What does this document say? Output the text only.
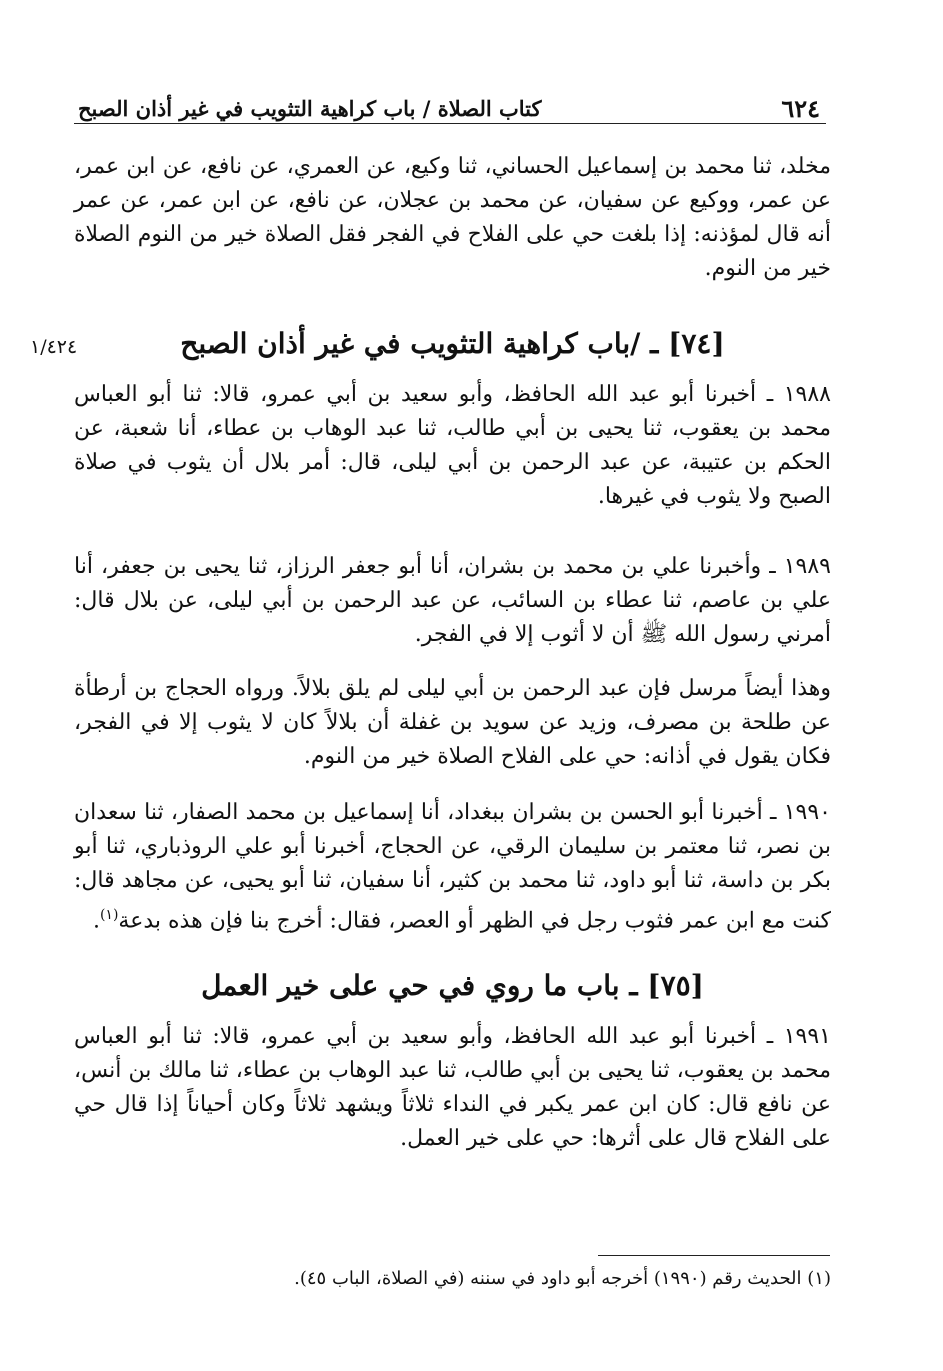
٦٢٤
كتاب الصلاة / باب كراهية التثويب في غير أذان الصبح

مخلد، ثنا محمد بن إسماعيل الحساني، ثنا وكيع، عن العمري، عن نافع، عن ابن عمر، عن عمر، ووكيع عن سفيان، عن محمد بن عجلان، عن نافع، عن ابن عمر، عن عمر أنه قال لمؤذنه: إذا بلغت حي على الفلاح في الفجر فقل الصلاة خير من النوم الصلاة خير من النوم.

١/٤٢٤	[٧٤] ـ /باب كراهية التثويب في غير أذان الصبح

١٩٨٨ ـ أخبرنا أبو عبد الله الحافظ، وأبو سعيد بن أبي عمرو، قالا: ثنا أبو العباس محمد بن يعقوب، ثنا يحيى بن أبي طالب، ثنا عبد الوهاب بن عطاء، أنا شعبة، عن الحكم بن عتيبة، عن عبد الرحمن بن أبي ليلى، قال: أمر بلال أن يثوب في صلاة الصبح ولا يثوب في غيرها.

١٩٨٩ ـ وأخبرنا علي بن محمد بن بشران، أنا أبو جعفر الرزاز، ثنا يحيى بن جعفر، أنا علي بن عاصم، ثنا عطاء بن السائب، عن عبد الرحمن بن أبي ليلى، عن بلال قال: أمرني رسول الله ﷺ أن لا أثوب إلا في الفجر.

وهذا أيضاً مرسل فإن عبد الرحمن بن أبي ليلى لم يلق بلالاً. ورواه الحجاج بن أرطأة عن طلحة بن مصرف، وزيد عن سويد بن غفلة أن بلالاً كان لا يثوب إلا في الفجر، فكان يقول في أذانه: حي على الفلاح الصلاة خير من النوم.

١٩٩٠ ـ أخبرنا أبو الحسن بن بشران ببغداد، أنا إسماعيل بن محمد الصفار، ثنا سعدان بن نصر، ثنا معتمر بن سليمان الرقي، عن الحجاج، أخبرنا أبو علي الروذباري، ثنا أبو بكر بن داسة، ثنا أبو داود، ثنا محمد بن كثير، أنا سفيان، ثنا أبو يحيى، عن مجاهد قال: كنت مع ابن عمر فثوب رجل في الظهر أو العصر، فقال: أخرج بنا فإن هذه بدعة$^{(١)}$.

[٧٥] ـ باب ما روي في حي على خير العمل

١٩٩١ ـ أخبرنا أبو عبد الله الحافظ، وأبو سعيد بن أبي عمرو، قالا: ثنا أبو العباس محمد بن يعقوب، ثنا يحيى بن أبي طالب، ثنا عبد الوهاب بن عطاء، ثنا مالك بن أنس، عن نافع قال: كان ابن عمر يكبر في النداء ثلاثاً ويشهد ثلاثاً وكان أحياناً إذا قال حي على الفلاح قال على أثرها: حي على خير العمل.

(١) الحديث رقم (١٩٩٠) أخرجه أبو داود في سننه (في الصلاة، الباب ٤٥).
